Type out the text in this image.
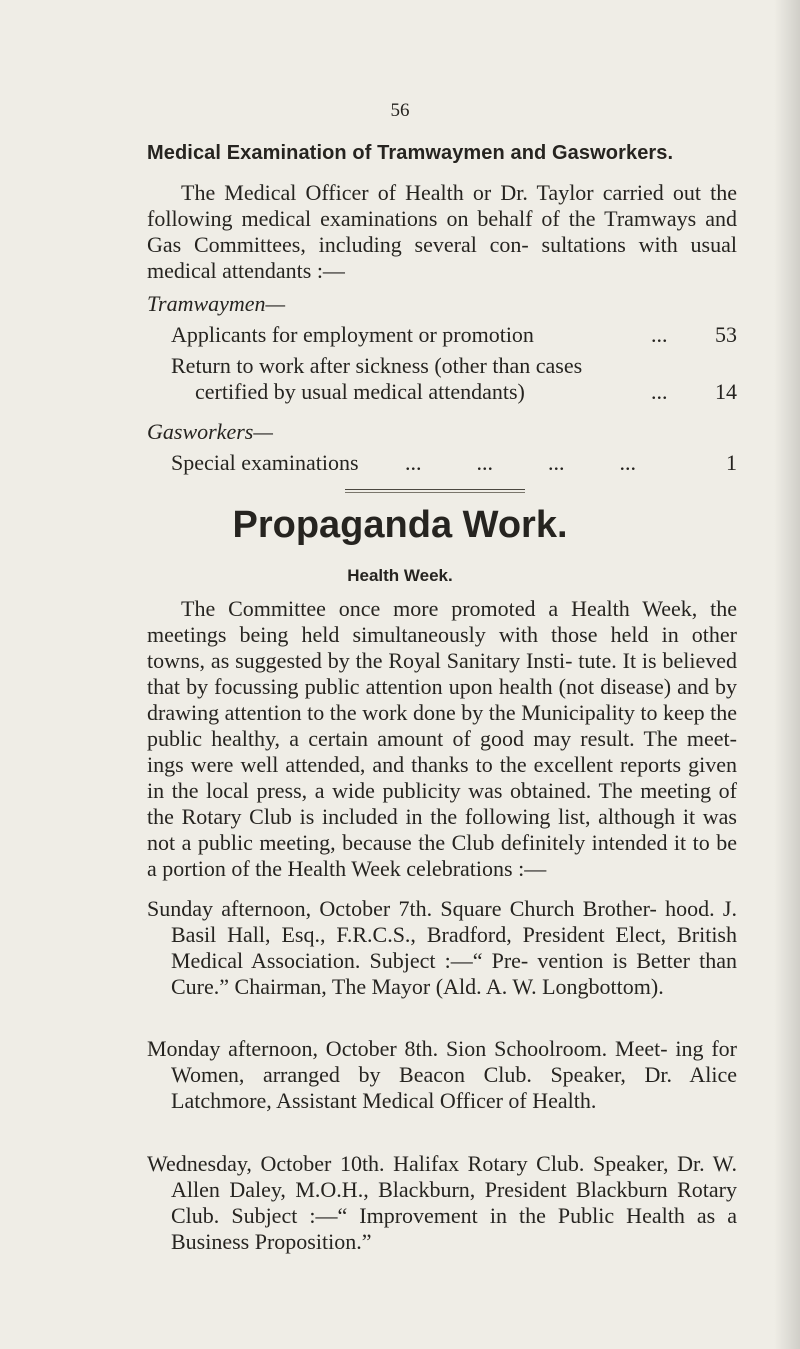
56
Medical Examination of Tramwaymen and Gasworkers.

The Medical Officer of Health or Dr. Taylor carried out the following medical examinations on behalf of the Tramways and Gas Committees, including several con- sultations with usual medical attendants :—

Tramwaymen—
Applicants for employment or promotion	...	53
Return to work after sickness (other than cases
certified by usual medical attendants)	...	14
Gasworkers—
Special examinations ...          ...          ...          ...	1
Propaganda Work.
Health Week.

The Committee once more promoted a Health Week, the meetings being held simultaneously with those held in other towns, as suggested by the Royal Sanitary Insti- tute. It is believed that by focussing public attention upon health (not disease) and by drawing attention to the work done by the Municipality to keep the public healthy, a certain amount of good may result. The meet- ings were well attended, and thanks to the excellent reports given in the local press, a wide publicity was obtained. The meeting of the Rotary Club is included in the following list, although it was not a public meeting, because the Club definitely intended it to be a portion of the Health Week celebrations :—

Sunday afternoon, October 7th. Square Church Brother- hood. J. Basil Hall, Esq., F.R.C.S., Bradford, President Elect, British Medical Association. Subject :—“ Pre- vention is Better than Cure.” Chairman, The Mayor (Ald. A. W. Longbottom).

Monday afternoon, October 8th. Sion Schoolroom. Meet- ing for Women, arranged by Beacon Club. Speaker, Dr. Alice Latchmore, Assistant Medical Officer of Health.

Wednesday, October 10th. Halifax Rotary Club. Speaker, Dr. W. Allen Daley, M.O.H., Blackburn, President Blackburn Rotary Club. Subject :—“ Improvement in the Public Health as a Business Proposition.”
